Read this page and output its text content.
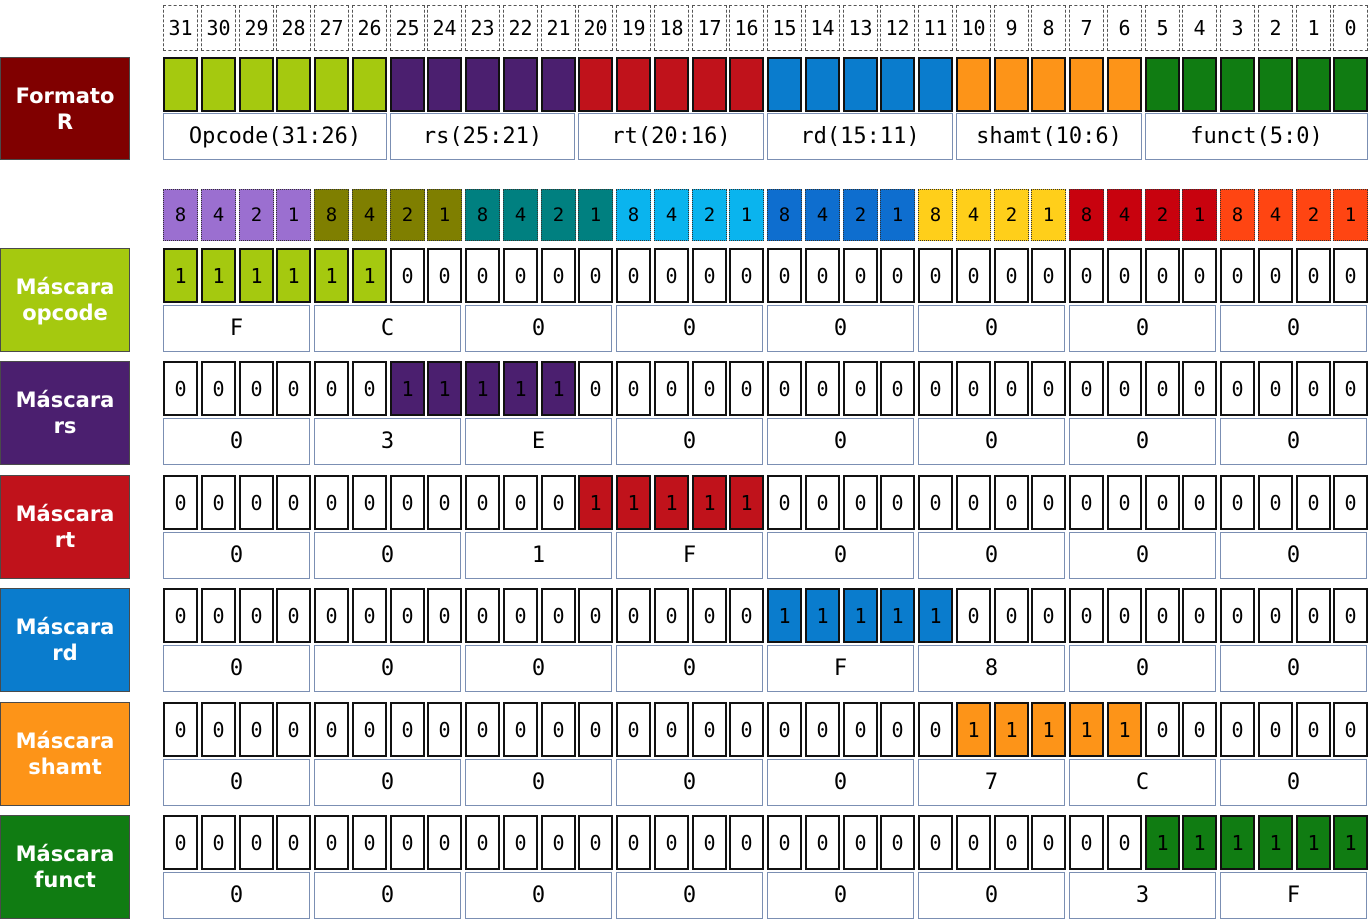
31 30 29 28 27 26 25 24 23 22 21 20 19 18 17 16 15 14 13 12 11 10 9	8	7	6	5	4	3	2	1	0
Formato
R
Opcode(31:26)	rs(25:21)	rt(20:16)	rd(15:11)	shamt(10:6)	funct(5:0)
8	4	2	1	8	4	2	1	8	4	2	1	8	4	2	1	8	4	2	1	8	4	2	1	8	4	2	1	8	4	2	1
Máscara
opcode
1	1	1	1	1	1	0	0	0	0	0	0	0	0	0	0	0	0	0	0	0	0	0	0	0	0	0	0	0	0	0	0
F	C	0	0	0	0	0	0
Máscara
rs
0	0	0	0	0	0	1	1	1	1	1	0	0	0	0	0	0	0	0	0	0	0	0	0	0	0	0	0	0	0	0	0
0	3	E	0	0	0	0	0
Máscara
rt
0	0	0	0	0	0	0	0	0	0	0	1	1	1	1	1	0	0	0	0	0	0	0	0	0	0	0	0	0	0	0	0
0	0	1	F	0	0	0	0
Máscara
rd
0	0	0	0	0	0	0	0	0	0	0	0	0	0	0	0	1	1	1	1	1	0	0	0	0	0	0	0	0	0	0	0
0	0	0	0	F	8	0	0
Máscara
shamt
0	0	0	0	0	0	0	0	0	0	0	0	0	0	0	0	0	0	0	0	0	1	1	1	1	1	0	0	0	0	0	0
0	0	0	0	0	7	C	0
Máscara
funct
0	0	0	0	0	0	0	0	0	0	0	0	0	0	0	0	0	0	0	0	0	0	0	0	0	0	1	1	1	1	1	1
0	0	0	0	0	0	3	F
